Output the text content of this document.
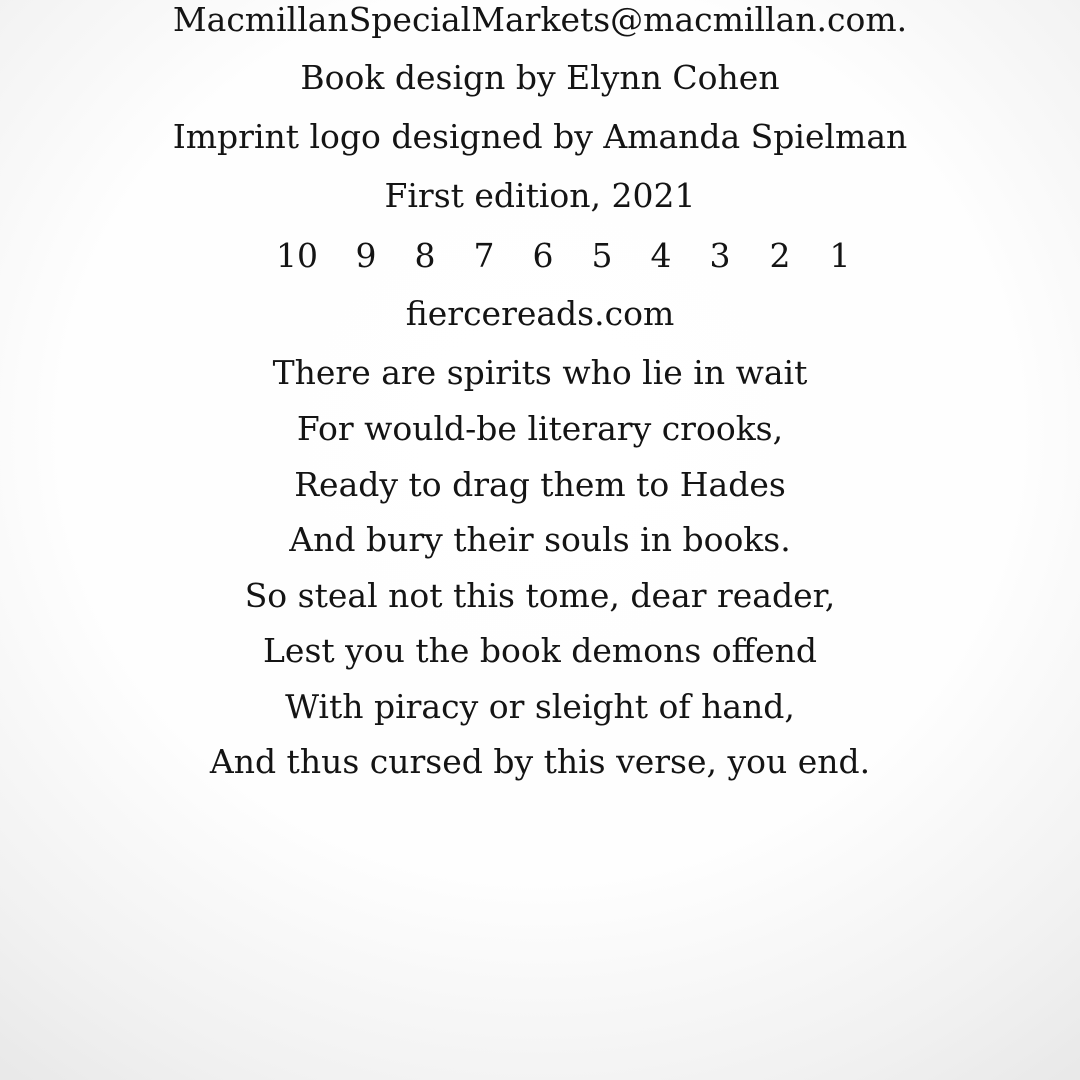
MacmillanSpecialMarkets@macmillan.com.
Book design by Elynn Cohen
Imprint logo designed by Amanda Spielman
First edition, 2021
10 9 8 7 6 5 4 3 2 1
fiercereads.com
There are spirits who lie in wait
For would-be literary crooks,
Ready to drag them to Hades
And bury their souls in books.
So steal not this tome, dear reader,
Lest you the book demons offend
With piracy or sleight of hand,
And thus cursed by this verse, you end.
